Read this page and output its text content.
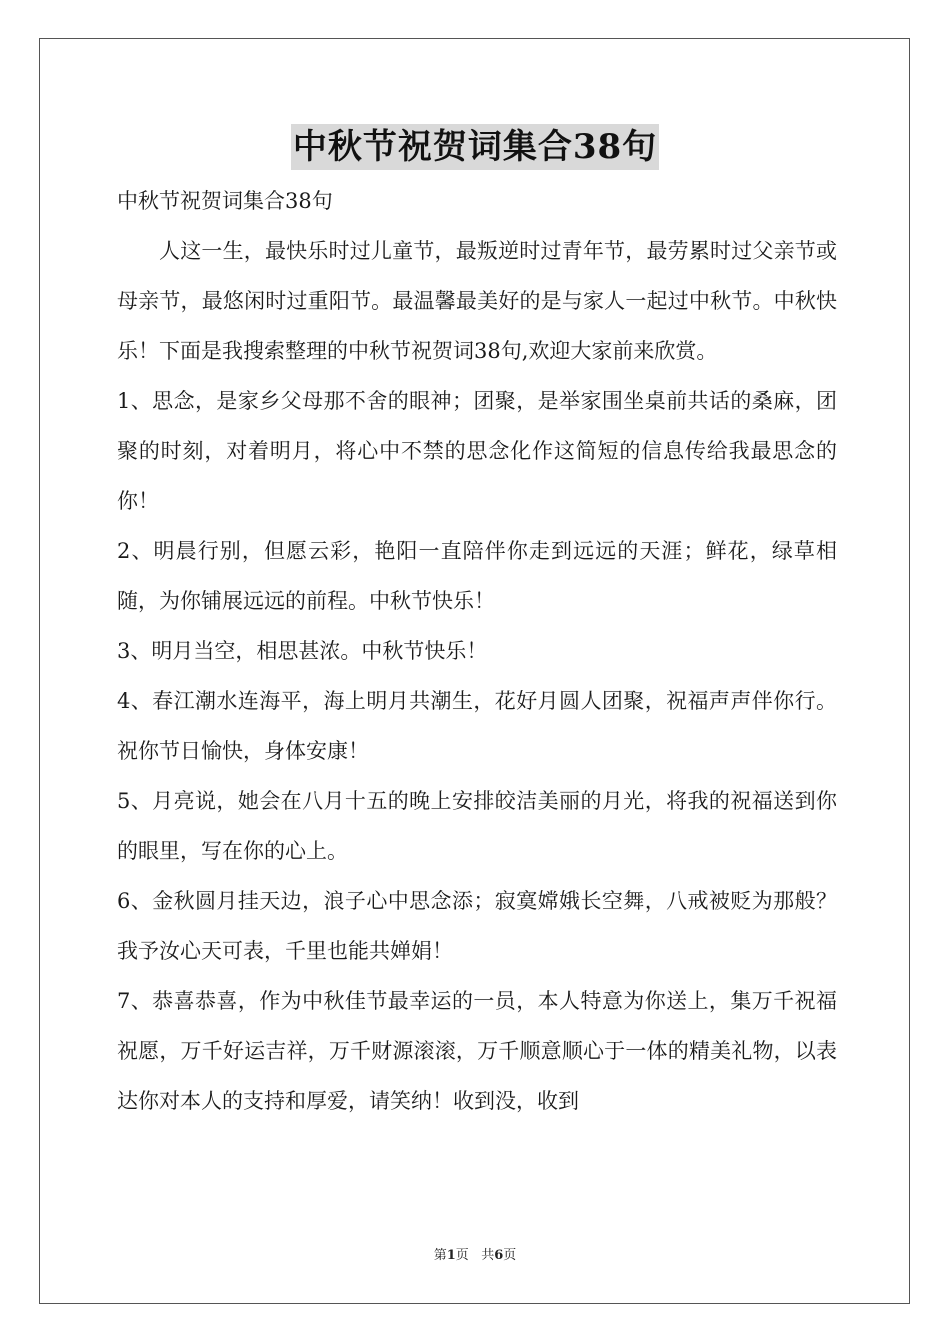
中秋节祝贺词集合38句

中秋节祝贺词集合38句

人这一生，最快乐时过儿童节，最叛逆时过青年节，最劳累时过父亲节或母亲节，最悠闲时过重阳节。最温馨最美好的是与家人一起过中秋节。中秋快乐！下面是我搜索整理的中秋节祝贺词38句,欢迎大家前来欣赏。

1、思念，是家乡父母那不舍的眼神；团聚，是举家围坐桌前共话的桑麻，团聚的时刻，对着明月，将心中不禁的思念化作这简短的信息传给我最思念的你！

2、明晨行别，但愿云彩，艳阳一直陪伴你走到远远的天涯；鲜花，绿草相随，为你铺展远远的前程。中秋节快乐！

3、明月当空，相思甚浓。中秋节快乐！

4、春江潮水连海平，海上明月共潮生，花好月圆人团聚，祝福声声伴你行。祝你节日愉快，身体安康！

5、月亮说，她会在八月十五的晚上安排皎洁美丽的月光，将我的祝福送到你的眼里，写在你的心上。

6、金秋圆月挂天边，浪子心中思念添；寂寞嫦娥长空舞，八戒被贬为那般？我予汝心天可表，千里也能共婵娟！

7、恭喜恭喜，作为中秋佳节最幸运的一员，本人特意为你送上，集万千祝福祝愿，万千好运吉祥，万千财源滚滚，万千顺意顺心于一体的精美礼物，以表达你对本人的支持和厚爱，请笑纳！收到没，收到

第1页 共6页
